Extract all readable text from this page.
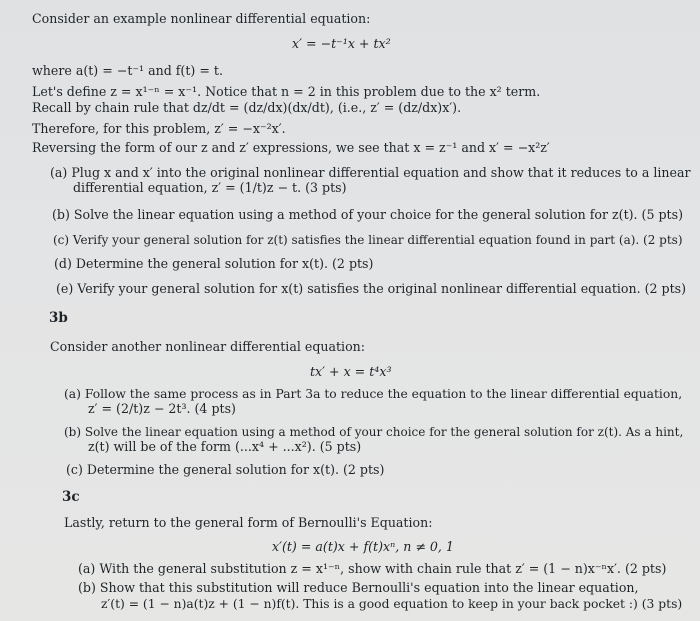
Consider an example nonlinear differential equation:
x′ = −t⁻¹x + tx²
where a(t) = −t⁻¹ and f(t) = t.
Let's define z = x¹⁻ⁿ = x⁻¹. Notice that n = 2 in this problem due to the x² term.
Recall by chain rule that dz/dt = (dz/dx)(dx/dt), (i.e., z′ = (dz/dx)x′).
Therefore, for this problem, z′ = −x⁻²x′.
Reversing the form of our z and z′ expressions, we see that x = z⁻¹ and x′ = −x²z′
(a) Plug x and x′ into the original nonlinear differential equation and show that it reduces to a linear
differential equation, z′ = (1/t)z − t. (3 pts)
(b) Solve the linear equation using a method of your choice for the general solution for z(t). (5 pts)
(c) Verify your general solution for z(t) satisfies the linear differential equation found in part (a). (2 pts)
(d) Determine the general solution for x(t). (2 pts)
(e) Verify your general solution for x(t) satisfies the original nonlinear differential equation. (2 pts)
3b
Consider another nonlinear differential equation:
tx′ + x = t⁴x³
(a) Follow the same process as in Part 3a to reduce the equation to the linear differential equation,
z′ = (2/t)z − 2t³. (4 pts)
(b) Solve the linear equation using a method of your choice for the general solution for z(t). As a hint,
z(t) will be of the form (...x⁴ + ...x²). (5 pts)
(c) Determine the general solution for x(t). (2 pts)
3c
Lastly, return to the general form of Bernoulli's Equation:
x′(t) = a(t)x + f(t)xⁿ, n ≠ 0, 1
(a) With the general substitution z = x¹⁻ⁿ, show with chain rule that z′ = (1 − n)x⁻ⁿx′. (2 pts)
(b) Show that this substitution will reduce Bernoulli's equation into the linear equation,
z′(t) = (1 − n)a(t)z + (1 − n)f(t). This is a good equation to keep in your back pocket :) (3 pts)
